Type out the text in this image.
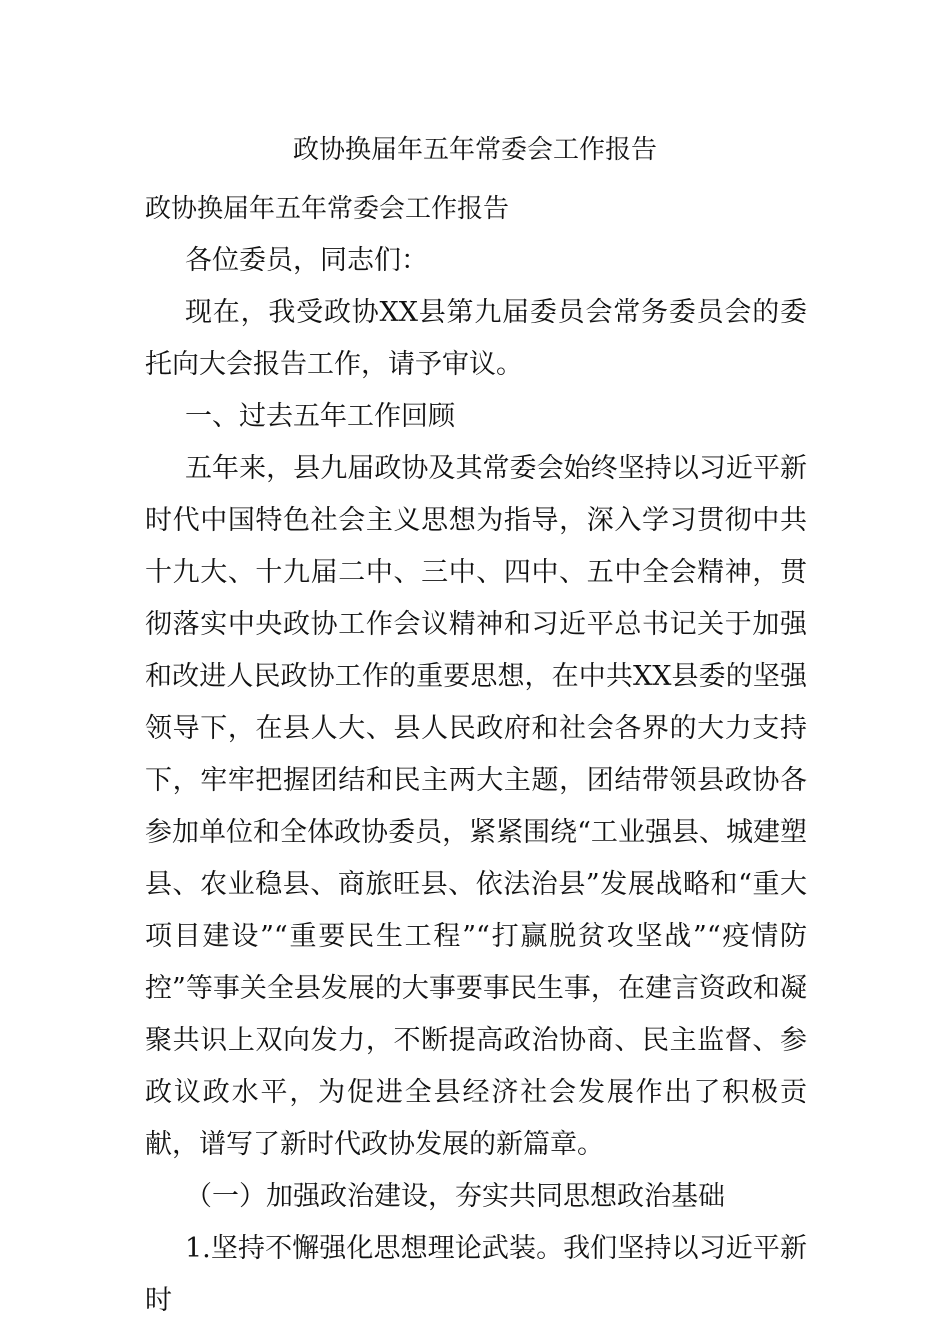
政协换届年五年常委会工作报告

政协换届年五年常委会工作报告

各位委员，同志们：

现在，我受政协XX县第九届委员会常务委员会的委托向大会报告工作，请予审议。

一、过去五年工作回顾

五年来，县九届政协及其常委会始终坚持以习近平新时代中国特色社会主义思想为指导，深入学习贯彻中共十九大、十九届二中、三中、四中、五中全会精神，贯彻落实中央政协工作会议精神和习近平总书记关于加强和改进人民政协工作的重要思想，在中共XX县委的坚强领导下，在县人大、县人民政府和社会各界的大力支持下，牢牢把握团结和民主两大主题，团结带领县政协各参加单位和全体政协委员，紧紧围绕“工业强县、城建塑县、农业稳县、商旅旺县、依法治县”发展战略和“重大项目建设”“重要民生工程”“打赢脱贫攻坚战”“疫情防控”等事关全县发展的大事要事民生事，在建言资政和凝聚共识上双向发力，不断提高政治协商、民主监督、参政议政水平，为促进全县经济社会发展作出了积极贡献，谱写了新时代政协发展的新篇章。

（一）加强政治建设，夯实共同思想政治基础

1.坚持不懈强化思想理论武装。我们坚持以习近平新时
